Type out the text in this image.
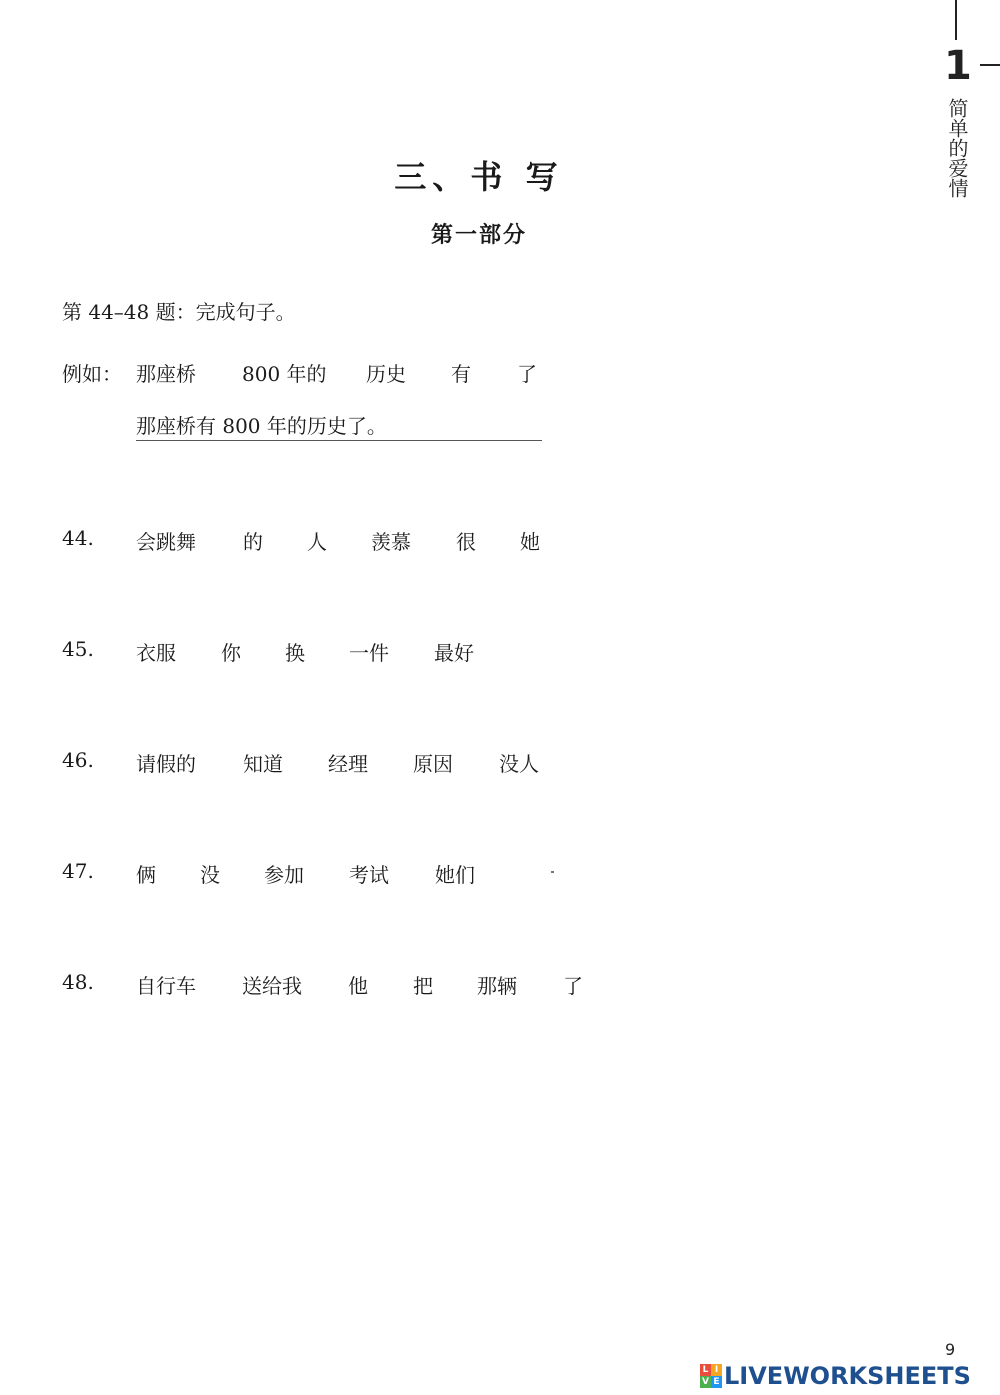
1
简单的爱情
三、书 写
第一部分
第 44–48 题：完成句子。
例如： 那座桥 800 年的 历史 有 了
那座桥有 800 年的历史了。
44. 会跳舞 的 人 羡慕 很 她
45. 衣服 你 换 一件 最好
46. 请假的 知道 经理 原因 没人
47. 俩 没 参加 考试 她们
48. 自行车 送给我 他 把 那辆 了
9
L I
V E LIVEWORKSHEETS
